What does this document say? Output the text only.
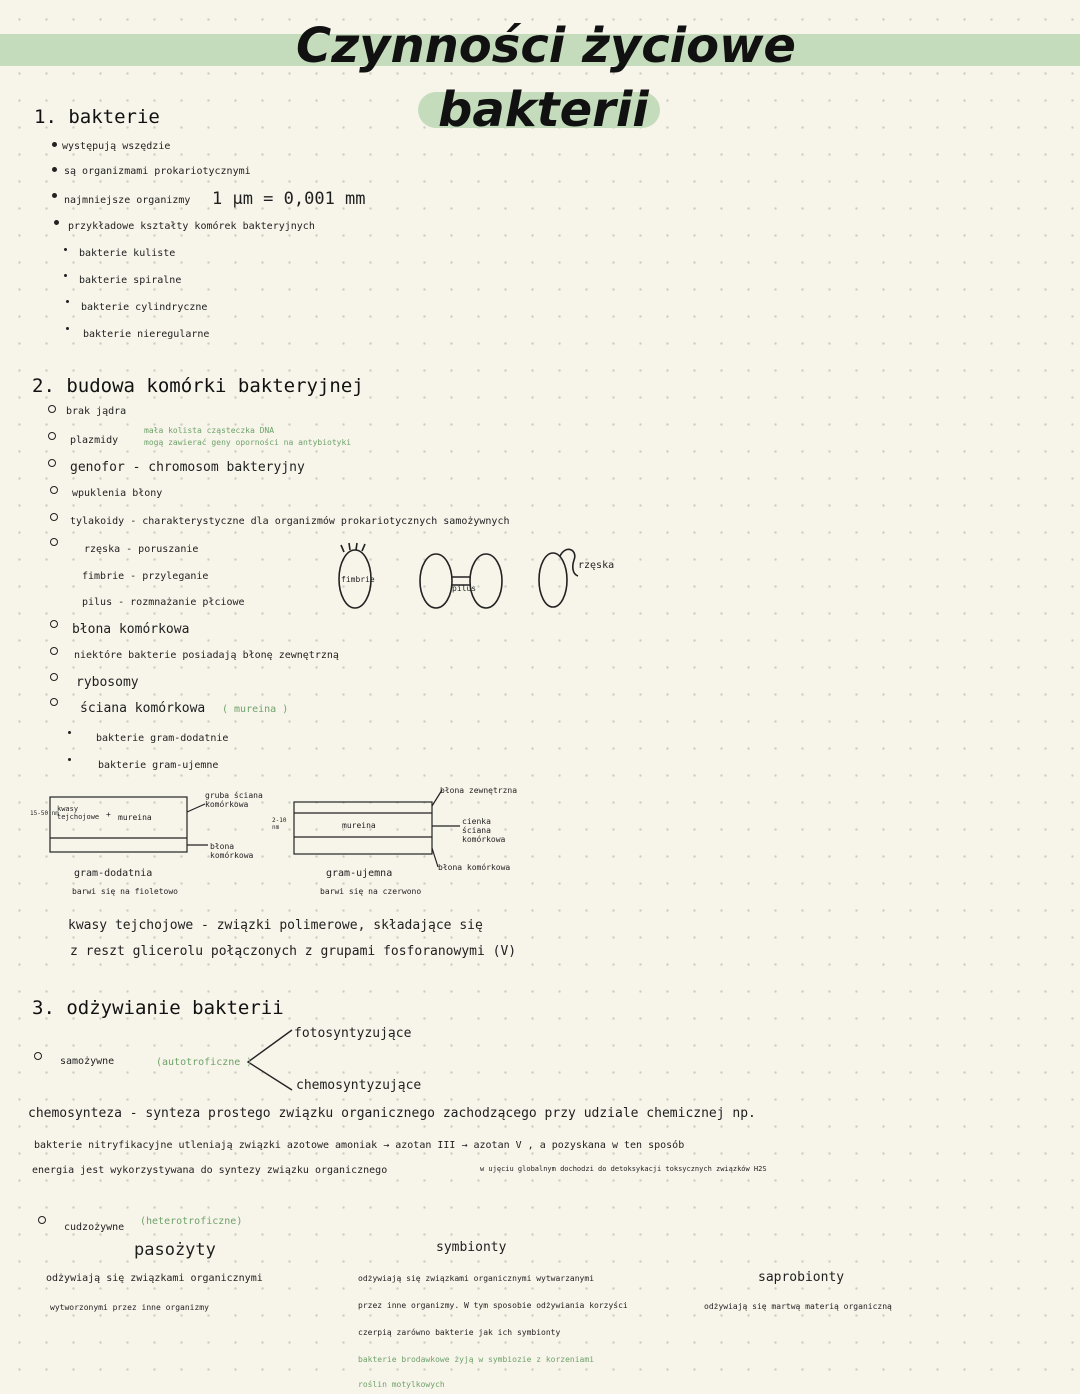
Czynności życiowe
bakterii
1. bakterie
występują wszędzie
są organizmami prokariotycznymi
najmniejsze organizmy 1 µm = 0,001 mm
przykładowe kształty komórek bakteryjnych
bakterie kuliste
bakterie spiralne
bakterie cylindryczne
bakterie nieregularne
2. budowa komórki bakteryjnej
brak jądra
plazmidy
mała kolista cząsteczka DNA
mogą zawierać geny oporności na antybiotyki
genofor - chromosom bakteryjny
wpuklenia błony
tylakoidy - charakterystyczne dla organizmów prokariotycznych samożywnych
rzęska - poruszanie
fimbrie - przyleganie
pilus - rozmnażanie płciowe
fimbrie
pilus
rzęska
błona komórkowa
niektóre bakterie posiadają błonę zewnętrzną
rybosomy
ściana komórkowa ( mureina )
bakterie gram-dodatnie
bakterie gram-ujemne
15-50 nm
kwasy tejchojowe + mureina
gruba ściana komórkowa
błona komórkowa
gram-dodatnia
barwi się na fioletowo
2-10 nm	mureina
błona zewnętrzna
cienka ściana komórkowa
błona komórkowa
gram-ujemna
barwi się na czerwono
kwasy tejchojowe - związki polimerowe, składające się
z reszt glicerolu połączonych z grupami fosforanowymi (V)
3. odżywianie bakterii
samożywne	(autotroficzne )
fotosyntyzujące
chemosyntyzujące
chemosynteza - synteza prostego związku organicznego zachodzącego przy udziale chemicznej np.
bakterie nitryfikacyjne utleniają związki azotowe amoniak → azotan III → azotan V , a pozyskana w ten sposób
energia jest wykorzystywana do syntezy związku organicznego	w ujęciu globalnym dochodzi do detoksykacji toksycznych związków H2S
cudzożywne
(heterotroficzne)
pasożyty
odżywiają się związkami organicznymi
wytworzonymi przez inne organizmy
symbionty
odżywiają się związkami organicznymi wytwarzanymi
przez inne organizmy. W tym sposobie odżywiania korzyści
czerpią zarówno bakterie jak ich symbionty
bakterie brodawkowe żyją w symbiozie z korzeniami
roślin motylkowych
saprobionty
odżywiają się martwą materią organiczną
